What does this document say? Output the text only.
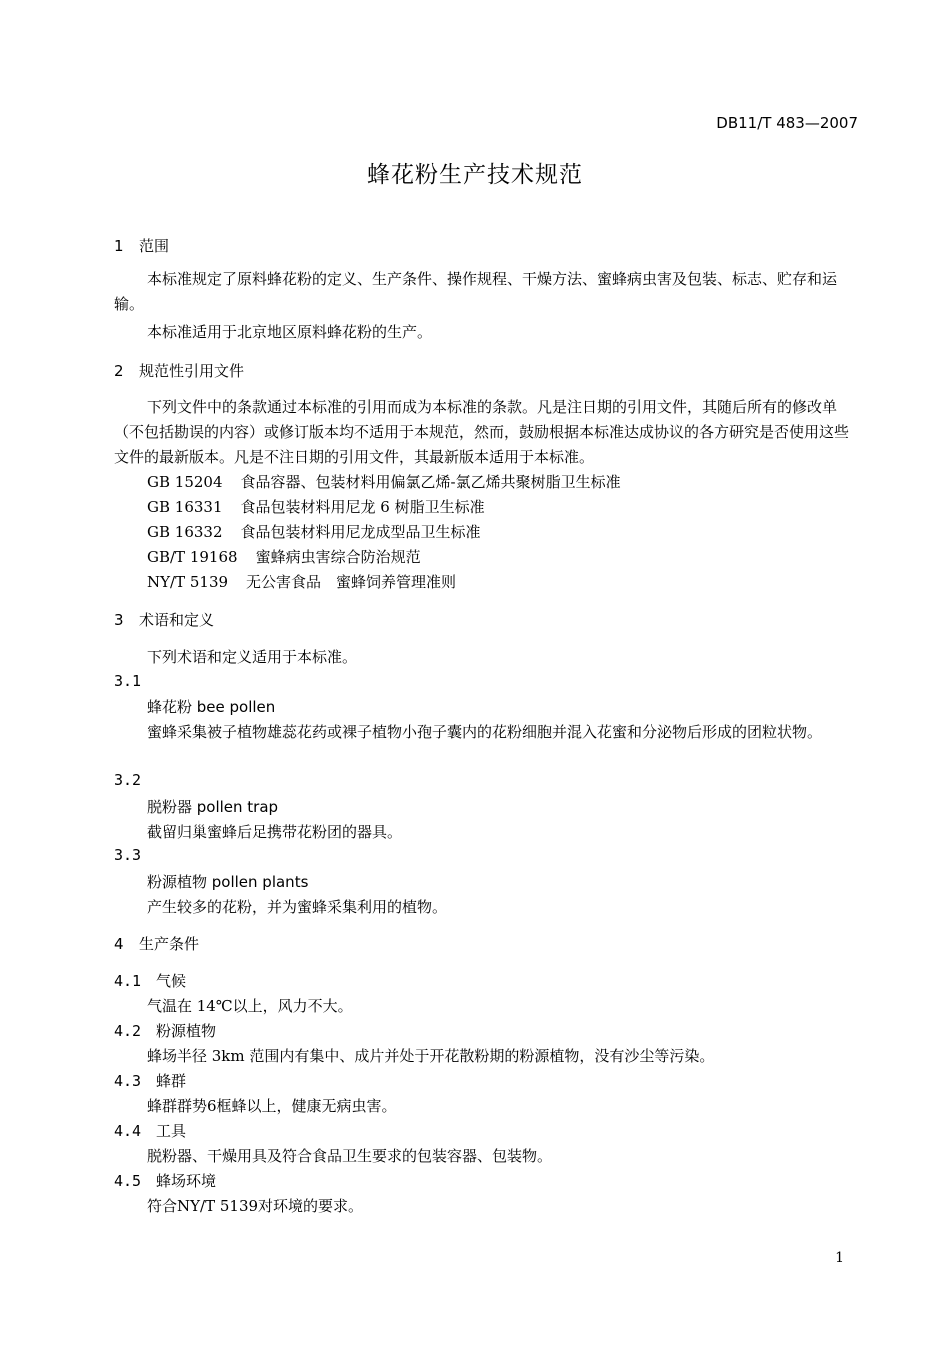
DB11/T 483—2007
蜂花粉生产技术规范
1 范围
本标准规定了原料蜂花粉的定义、生产条件、操作规程、干燥方法、蜜蜂病虫害及包装、标志、贮存和运输。
本标准适用于北京地区原料蜂花粉的生产。
2 规范性引用文件
下列文件中的条款通过本标准的引用而成为本标准的条款。凡是注日期的引用文件，其随后所有的修改单（不包括勘误的内容）或修订版本均不适用于本规范，然而，鼓励根据本标准达成协议的各方研究是否使用这些文件的最新版本。凡是不注日期的引用文件，其最新版本适用于本标准。
GB 15204 食品容器、包装材料用偏氯乙烯-氯乙烯共聚树脂卫生标准
GB 16331 食品包装材料用尼龙 6 树脂卫生标准
GB 16332 食品包装材料用尼龙成型品卫生标准
GB/T 19168 蜜蜂病虫害综合防治规范
NY/T 5139 无公害食品　蜜蜂饲养管理准则
3 术语和定义
下列术语和定义适用于本标准。
3.1
蜂花粉 bee pollen
蜜蜂采集被子植物雄蕊花药或裸子植物小孢子囊内的花粉细胞并混入花蜜和分泌物后形成的团粒状物。
3.2
脱粉器 pollen trap
截留归巢蜜蜂后足携带花粉团的器具。
3.3
粉源植物 pollen plants
产生较多的花粉，并为蜜蜂采集利用的植物。
4 生产条件
4.1 气候
气温在 14℃以上，风力不大。
4.2 粉源植物
蜂场半径 3km 范围内有集中、成片并处于开花散粉期的粉源植物，没有沙尘等污染。
4.3 蜂群
蜂群群势6框蜂以上，健康无病虫害。
4.4 工具
脱粉器、干燥用具及符合食品卫生要求的包装容器、包装物。
4.5 蜂场环境
符合NY/T 5139对环境的要求。
1
